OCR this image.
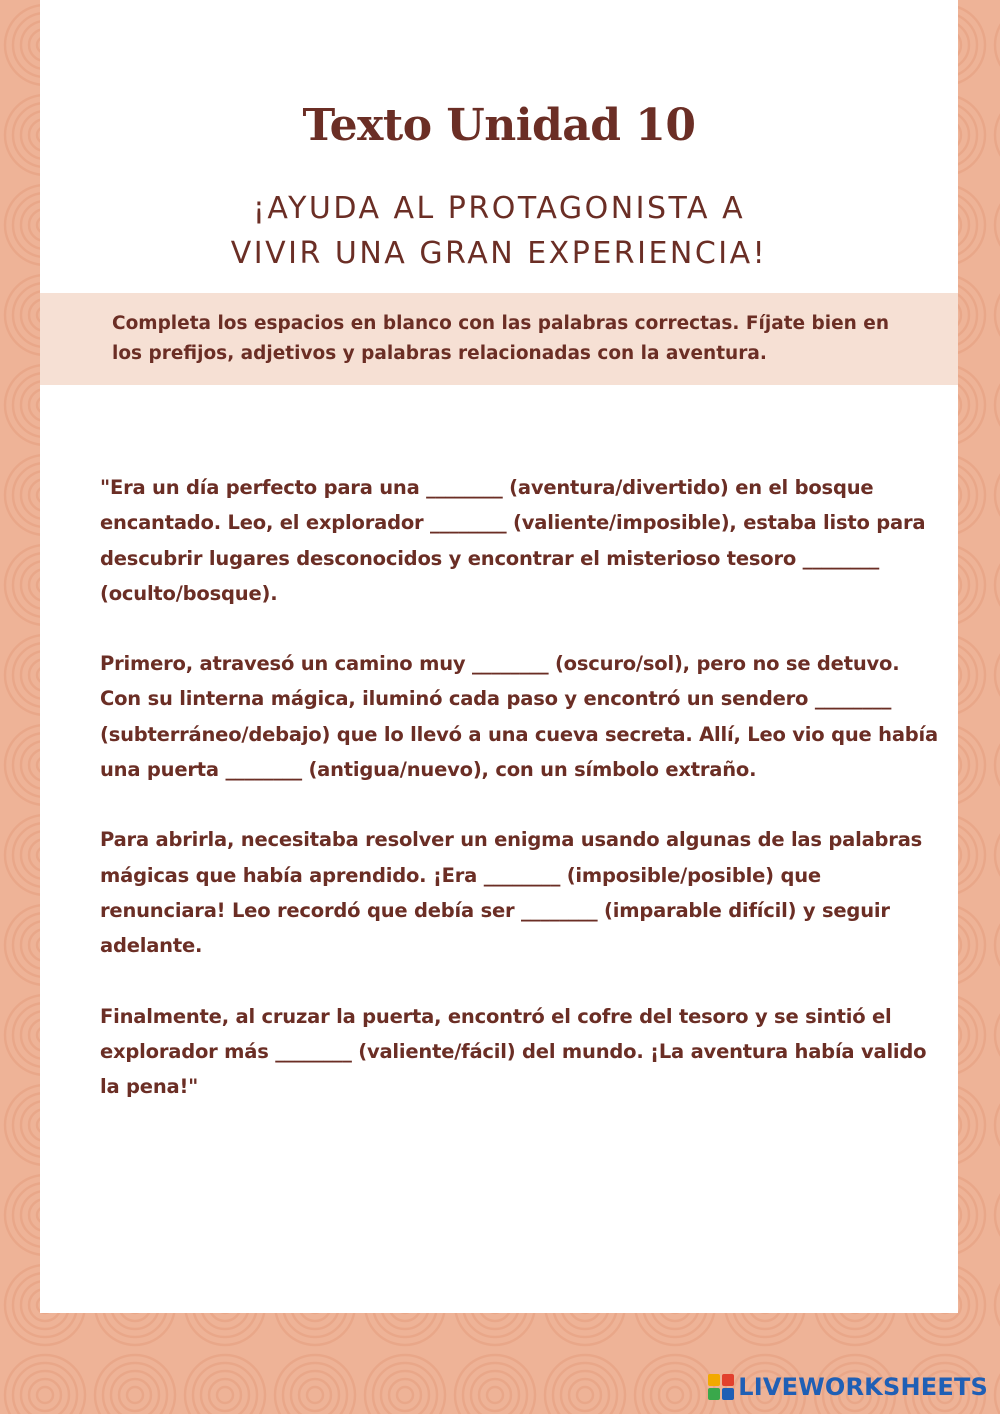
Texto Unidad 10
¡AYUDA AL PROTAGONISTA A
VIVIR UNA GRAN EXPERIENCIA!

Completa los espacios en blanco con las palabras correctas. Fíjate bien en los prefijos, adjetivos y palabras relacionadas con la aventura.

"Era un día perfecto para una ________ (aventura/divertido) en el bosque encantado. Leo, el explorador ________ (valiente/imposible), estaba listo para descubrir lugares desconocidos y encontrar el misterioso tesoro ________ (oculto/bosque).

Primero, atravesó un camino muy ________ (oscuro/sol), pero no se detuvo. Con su linterna mágica, iluminó cada paso y encontró un sendero ________ (subterráneo/debajo) que lo llevó a una cueva secreta. Allí, Leo vio que había una puerta ________ (antigua/nuevo), con un símbolo extraño.

Para abrirla, necesitaba resolver un enigma usando algunas de las palabras mágicas que había aprendido. ¡Era ________ (imposible/posible) que renunciara! Leo recordó que debía ser ________ (imparable difícil) y seguir adelante.

Finalmente, al cruzar la puerta, encontró el cofre del tesoro y se sintió el explorador más ________ (valiente/fácil) del mundo. ¡La aventura había valido la pena!"

LIVEWORKSHEETS
